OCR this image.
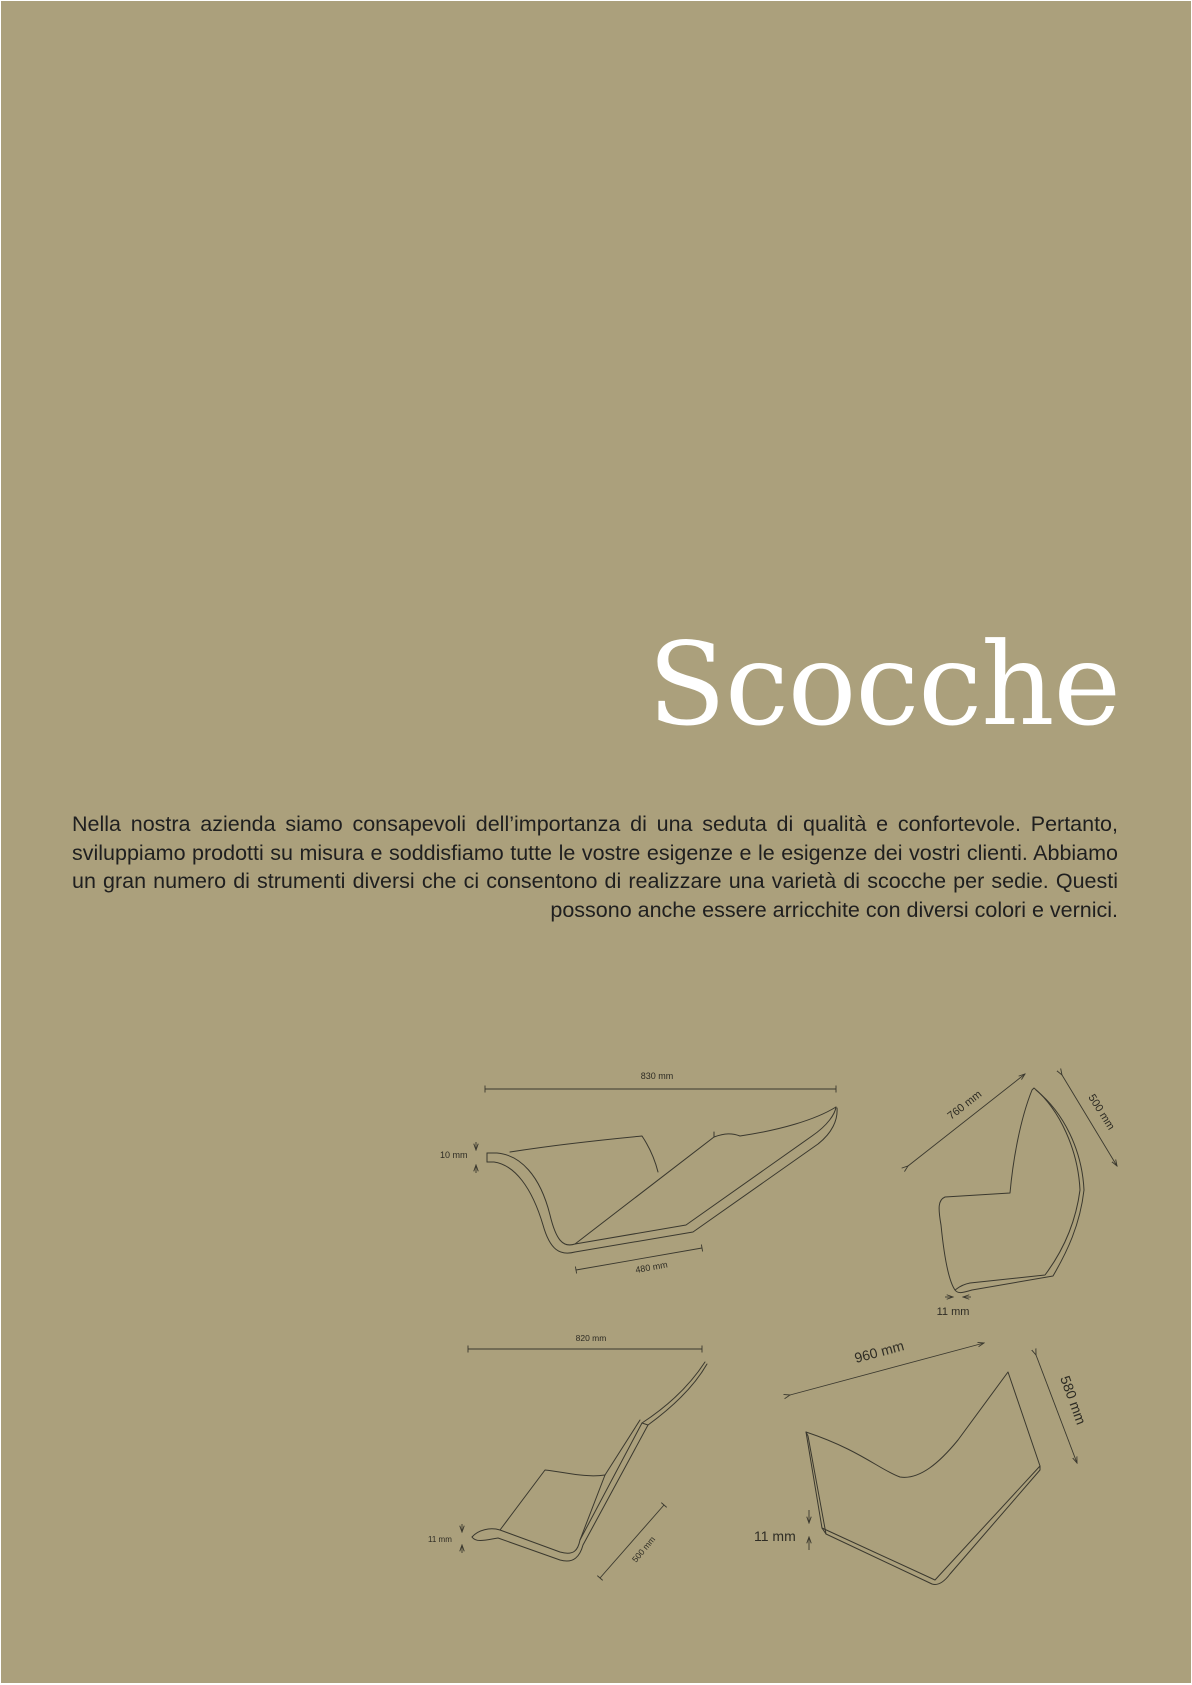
Scocche

Nella nostra azienda siamo consapevoli dell’importanza di una seduta di qualità e confortevole. Pertanto, sviluppiamo prodotti su misura e soddisfiamo tutte le vostre esigenze e le esigenze dei vostri clienti. Abbiamo un gran numero di strumenti diversi che ci consentono di realizzare una varietà di scocche per sedie. Questi possono anche essere arricchite con diversi colori e vernici.

830 mm
10 mm
480 mm
760 mm	500 mm
11 mm
820 mm
11 mm	500 mm
960 mm
580 mm
11 mm
